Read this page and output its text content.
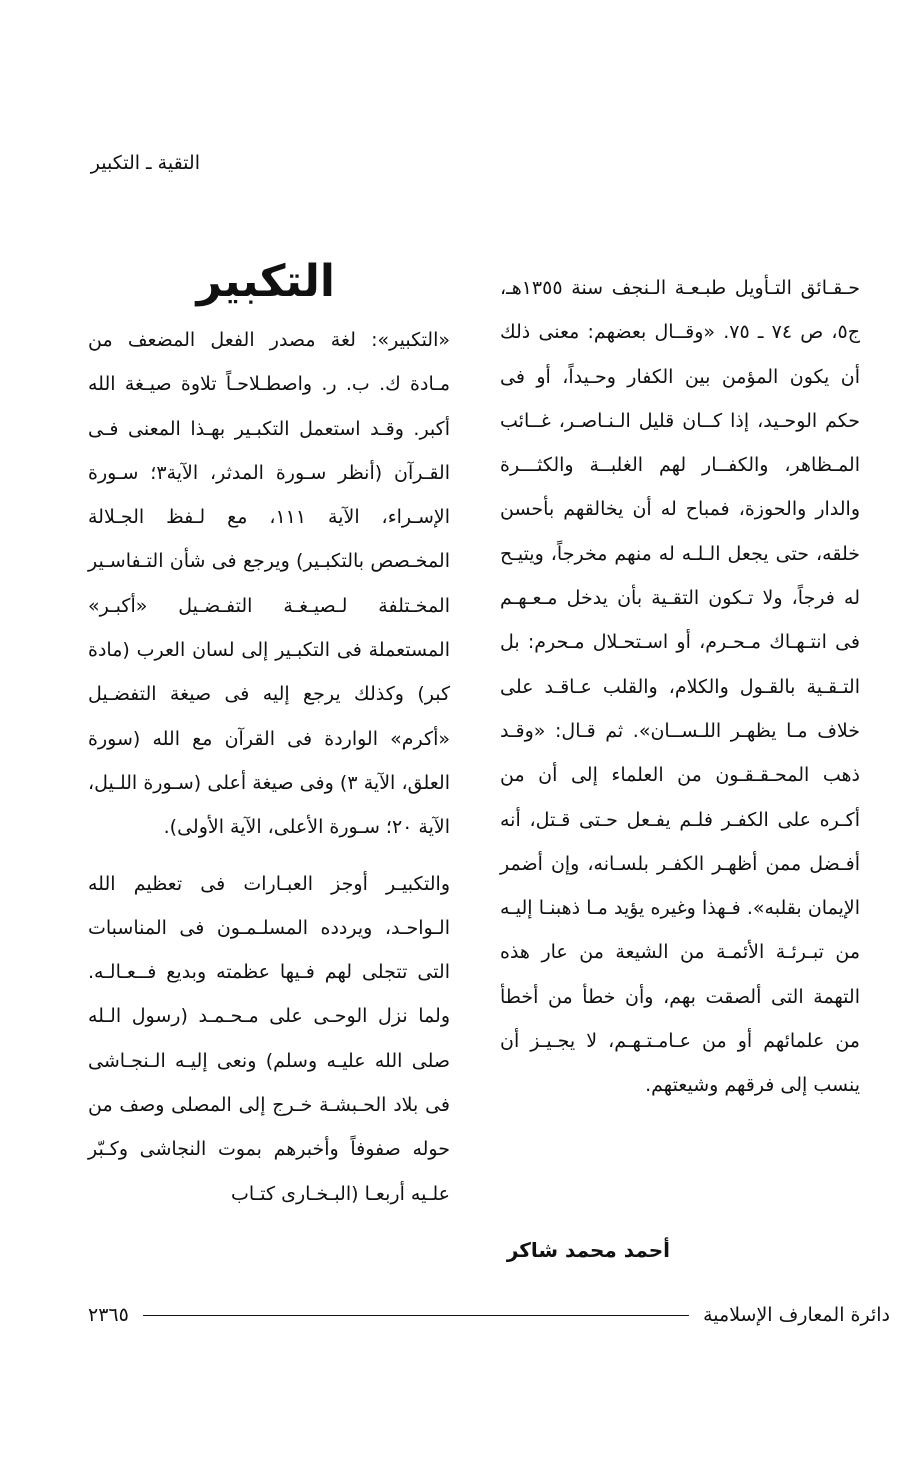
التقية ـ التكبير

حـقـائق التـأويل طبـعـة الـنجف سنة ١٣٥٥هـ، ج٥، ص ٧٤ ـ ٧٥. «وقــال بعضهم: معنى ذلك أن يكون المؤمن بين الكفار وحـيداً، أو فى حكم الوحـيد، إذا كــان قليل الـنـاصـر، غــائب المـظاهر، والكفــار لهم الغلبــة والكثـــرة والدار والحوزة، فمباح له أن يخالقهم بأحسن خلقه، حتى يجعل الـلـه له منهم مخرجاً، ويتيـح له فرجاً، ولا تـكون التقـية بأن يدخل مـعـهـم فى انتـهـاك مـحـرم، أو اسـتحـلال مـحرم: بل التـقـية بالقـول والكلام، والقلب عـاقـد على خلاف مـا يظهـر اللـســان». ثم قـال: «وقـد ذهب المحـقـقـون من العلماء إلى أن من أكـره على الكفـر فلـم يفـعل حـتى قـتل، أنه أفـضل ممن أظهـر الكفـر بلسـانه، وإن أضمر الإيمان بقلبه». فـهذا وغيره يؤيد مـا ذهبنـا إليـه من تبـرئـة الأئمـة من الشيعة من عار هذه التهمة التى ألصقت بهم، وأن خطأ من أخطأ من علمائهم أو من عـامـتـهـم، لا يجـيـز أن ينسب إلى فرقهم وشيعتهم.

أحمد محمد شاكر
التكبير

«التكبير»: لغة مصدر الفعل المضعف من مـادة ك. ب. ر. واصطـلاحـاً تلاوة صيـغة الله أكبر. وقـد استعمل التكبـير بهـذا المعنى فـى القـرآن (أنظر سـورة المدثر، الآية٣؛ سـورة الإسـراء، الآية ١١١، مع لـفظ الجـلالة المخـصص بالتكبـير) ويرجع فى شأن التـفاسـير المخـتلفة لـصيـغـة التفـضـيل «أكبـر» المستعملة فى التكبـير إلى لسان العرب (مادة كبر) وكذلك يرجع إليه فى صيغة التفضـيل «أكرم» الواردة فى القرآن مع الله (سورة العلق، الآية ٣) وفى صيغة أعلى (سـورة اللـيل، الآية ٢٠؛ سـورة الأعلى، الآية الأولى).

والتكبيـر أوجز العبـارات فى تعظيم الله الـواحـد، ويردده المسلـمـون فى المناسبات التى تتجلى لهم فـيها عظمته وبديع فــعـالـه. ولما نزل الوحـى على مـحـمـد (رسول الـله صلى الله عليـه وسلم) ونعى إليـه الـنجـاشى فى بلاد الحـبشـة خـرج إلى المصلى وصف من حوله صفوفاً وأخبرهم بموت النجاشى وكـبّر علـيه أربعـا (البـخـارى كتـاب

دائرة المعارف الإسلامية
٢٣٦٥
